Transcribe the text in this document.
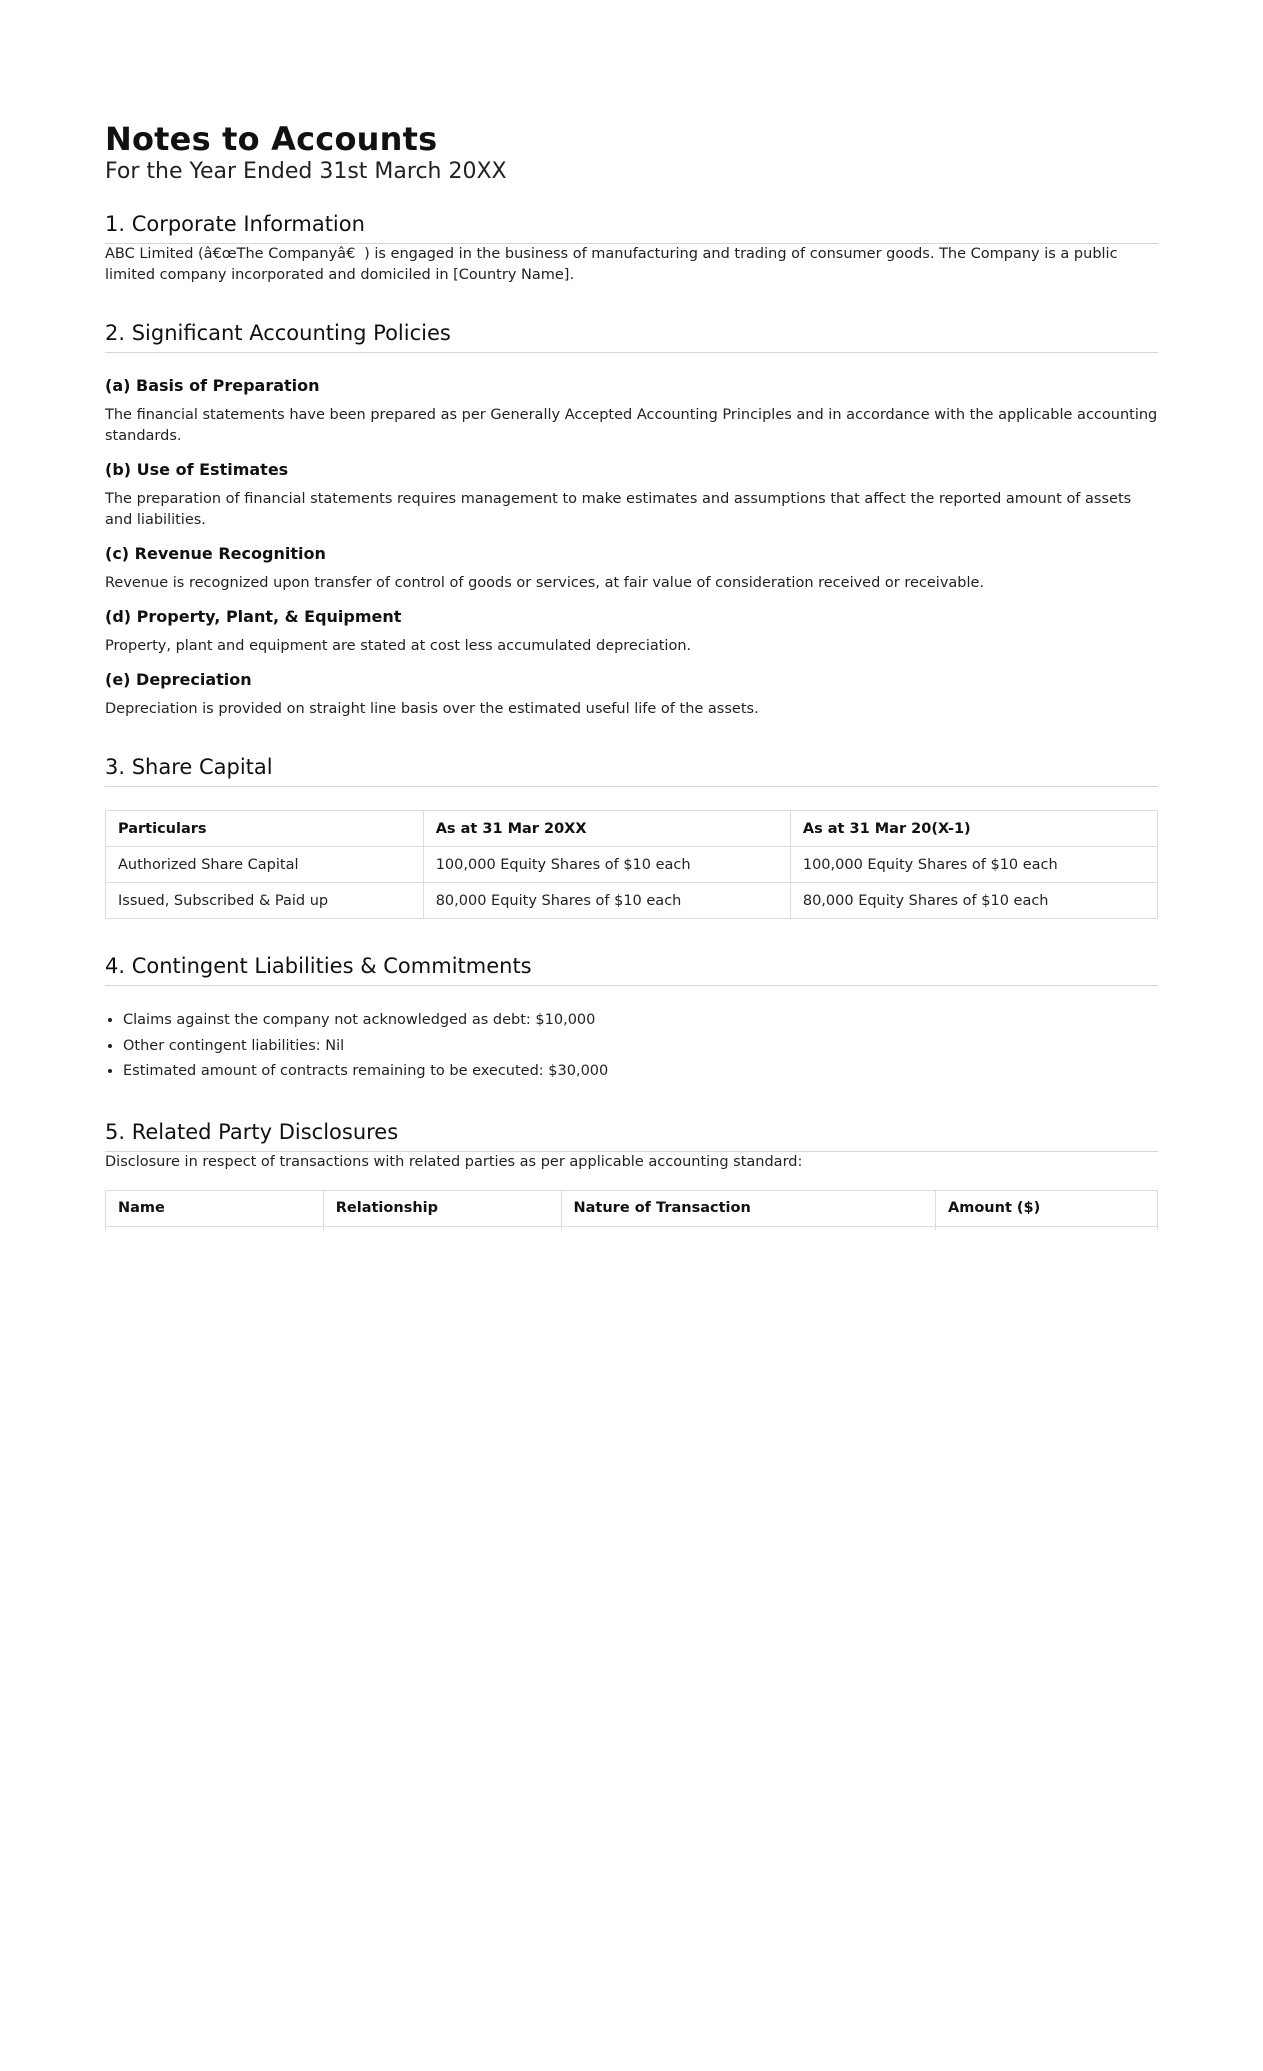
Notes to Accounts
For the Year Ended 31st March 20XX
1. Corporate Information

ABC Limited (â€œThe Companyâ€) is engaged in the business of manufacturing and trading of consumer goods. The Company is a public limited company incorporated and domiciled in [Country Name].

2. Significant Accounting Policies
(a) Basis of Preparation

The financial statements have been prepared as per Generally Accepted Accounting Principles and in accordance with the applicable accounting standards.

(b) Use of Estimates

The preparation of financial statements requires management to make estimates and assumptions that affect the reported amount of assets and liabilities.

(c) Revenue Recognition

Revenue is recognized upon transfer of control of goods or services, at fair value of consideration received or receivable.

(d) Property, Plant, & Equipment

Property, plant and equipment are stated at cost less accumulated depreciation.

(e) Depreciation

Depreciation is provided on straight line basis over the estimated useful life of the assets.

3. Share Capital
Particulars	As at 31 Mar 20XX	As at 31 Mar 20(X-1)
Authorized Share Capital	100,000 Equity Shares of $10 each	100,000 Equity Shares of $10 each
Issued, Subscribed & Paid up	80,000 Equity Shares of $10 each	80,000 Equity Shares of $10 each
4. Contingent Liabilities & Commitments
• Claims against the company not acknowledged as debt: $10,000
• Other contingent liabilities: Nil
• Estimated amount of contracts remaining to be executed: $30,000
5. Related Party Disclosures

Disclosure in respect of transactions with related parties as per applicable accounting standard:

Name	Relationship	Nature of Transaction	Amount ($)
